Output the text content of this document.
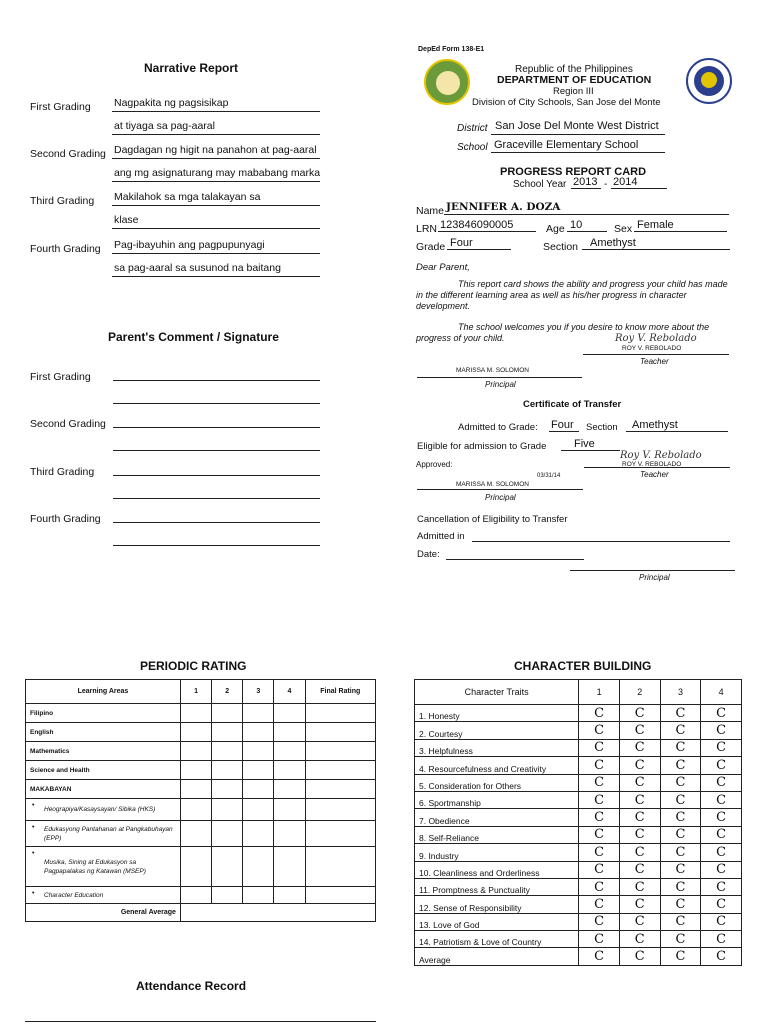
Narrative Report
First Grading Nagpakita ng pagsisikap
at tiyaga sa pag-aaral
Second Grading Dagdagan ng higit na panahon at pag-aaral
ang mg asignaturang may mababang marka
Third Grading Makilahok sa mga talakayan sa
klase
Fourth Grading Pag-ibayuhin ang pagpupunyagi
sa pag-aaral sa susunod na baitang
Parent's Comment / Signature
First Grading
Second Grading
Third Grading
Fourth Grading
DepEd Form 138-E1
Republic of the Philippines
DEPARTMENT OF EDUCATION
Region III
Division of City Schools, San Jose del Monte
District San Jose Del Monte West District
School Graceville Elementary School
PROGRESS REPORT CARD
School Year 2013 - 2014
Name JENNIFER A. DOZA
LRN 123846090005	Age 10	Sex Female
Grade Four	Section Amethyst
Dear Parent,
This report card shows the ability and progress your child has made in the different learning area as well as his/her progress in character development.
The school welcomes you if you desire to know more about the progress of your child.	Roy V. Rebolado
ROY V. REBOLADO
Teacher
MARISSA M. SOLOMON
Principal
Certificate of Transfer
Admitted to Grade: Four Section Amethyst
Eligible for admission to Grade	Five
Approved:
Roy V. Rebolado
ROY V. REBOLADO
Teacher
03/31/14
MARISSA M. SOLOMON
Principal
Cancellation of Eligibility to Transfer
Admitted in
Date:
Principal
PERIODIC RATING
Learning Areas	1	2	3	4	Final Rating
Filipino					
English					
Mathematics					
Science and Health					
MAKABAYAN					

•
Heograpiya/Kasaysayan/ Sibika (HKS)					

• Edukasyong Pantahanan at Pangkabuhayan (EPP)					

•
Musika, Sining at Edukasyon sa Pagpapalakas ng Katawan (MSEP)					

• Character Education					
General Average					
CHARACTER BUILDING
Character Traits	1	2	3	4
1. Honesty	C	C	C	C
2. Courtesy	C	C	C	C
3. Helpfulness	C	C	C	C
4. Resourcefulness and Creativity	C	C	C	C
5. Consideration for Others	C	C	C	C
6. Sportmanship	C	C	C	C
7. Obedience	C	C	C	C
8. Self-Reliance	C	C	C	C
9. Industry	C	C	C	C
10. Cleanliness and Orderliness	C	C	C	C
11. Promptness & Punctuality	C	C	C	C
12. Sense of Responsibility	C	C	C	C
13. Love of God	C	C	C	C
14. Patriotism & Love of Country	C	C	C	C
Average	C	C	C	C
Attendance Record
